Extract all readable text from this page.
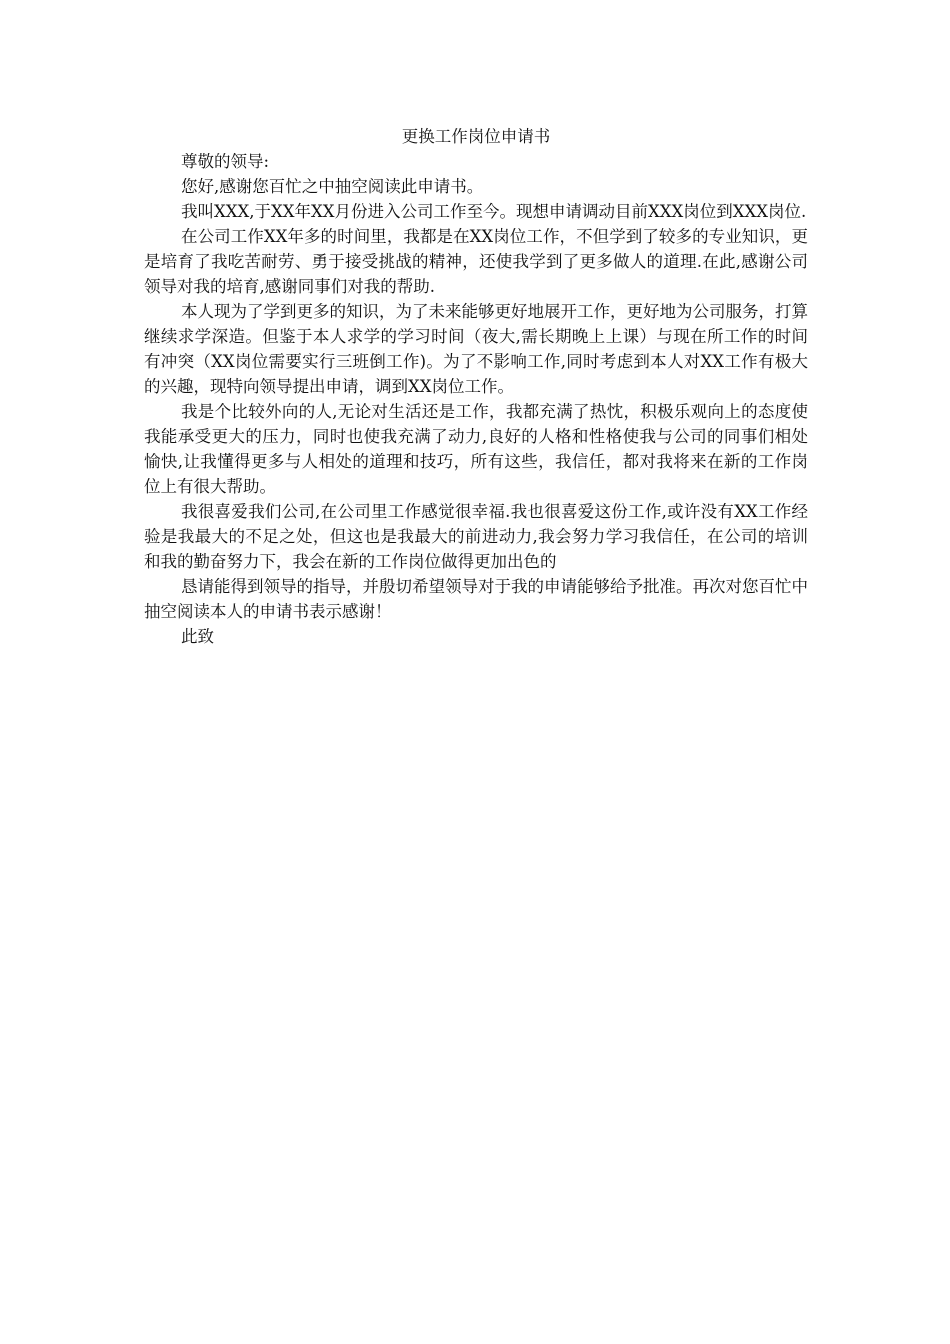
更换工作岗位申请书

尊敬的领导:

您好,感谢您百忙之中抽空阅读此申请书。

我叫XXX,于XX年XX月份进入公司工作至今。现想申请调动目前XXX岗位到XXX岗位.

在公司工作XX年多的时间里，我都是在XX岗位工作，不但学到了较多的专业知识，更是培育了我吃苦耐劳、勇于接受挑战的精神，还使我学到了更多做人的道理.在此,感谢公司领导对我的培育,感谢同事们对我的帮助.

本人现为了学到更多的知识，为了未来能够更好地展开工作，更好地为公司服务，打算继续求学深造。但鉴于本人求学的学习时间（夜大,需长期晚上上课）与现在所工作的时间有冲突（XX岗位需要实行三班倒工作)。为了不影响工作,同时考虑到本人对XX工作有极大的兴趣，现特向领导提出申请，调到XX岗位工作。

我是个比较外向的人,无论对生活还是工作，我都充满了热忱，积极乐观向上的态度使我能承受更大的压力，同时也使我充满了动力,良好的人格和性格使我与公司的同事们相处愉快,让我懂得更多与人相处的道理和技巧，所有这些，我信任，都对我将来在新的工作岗位上有很大帮助。

我很喜爱我们公司,在公司里工作感觉很幸福.我也很喜爱这份工作,或许没有XX工作经验是我最大的不足之处，但这也是我最大的前进动力,我会努力学习我信任，在公司的培训和我的勤奋努力下，我会在新的工作岗位做得更加出色的

恳请能得到领导的指导，并殷切希望领导对于我的申请能够给予批准。再次对您百忙中抽空阅读本人的申请书表示感谢！

此致
